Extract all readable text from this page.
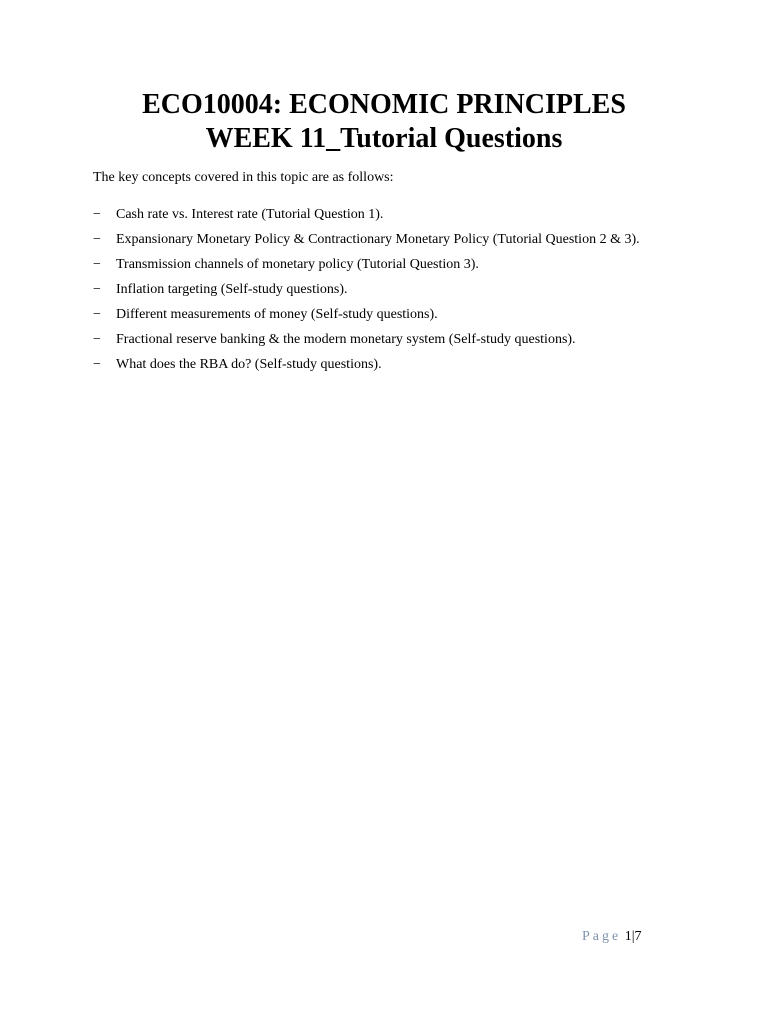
ECO10004: ECONOMIC PRINCIPLES
WEEK 11_Tutorial Questions

The key concepts covered in this topic are as follows:

− Cash rate vs. Interest rate (Tutorial Question 1).
− Expansionary Monetary Policy & Contractionary Monetary Policy (Tutorial Question 2 & 3).
− Transmission channels of monetary policy (Tutorial Question 3).
− Inflation targeting (Self-study questions).
− Different measurements of money (Self-study questions).
− Fractional reserve banking & the modern monetary system (Self-study questions).
− What does the RBA do? (Self-study questions).
Page 1|7
